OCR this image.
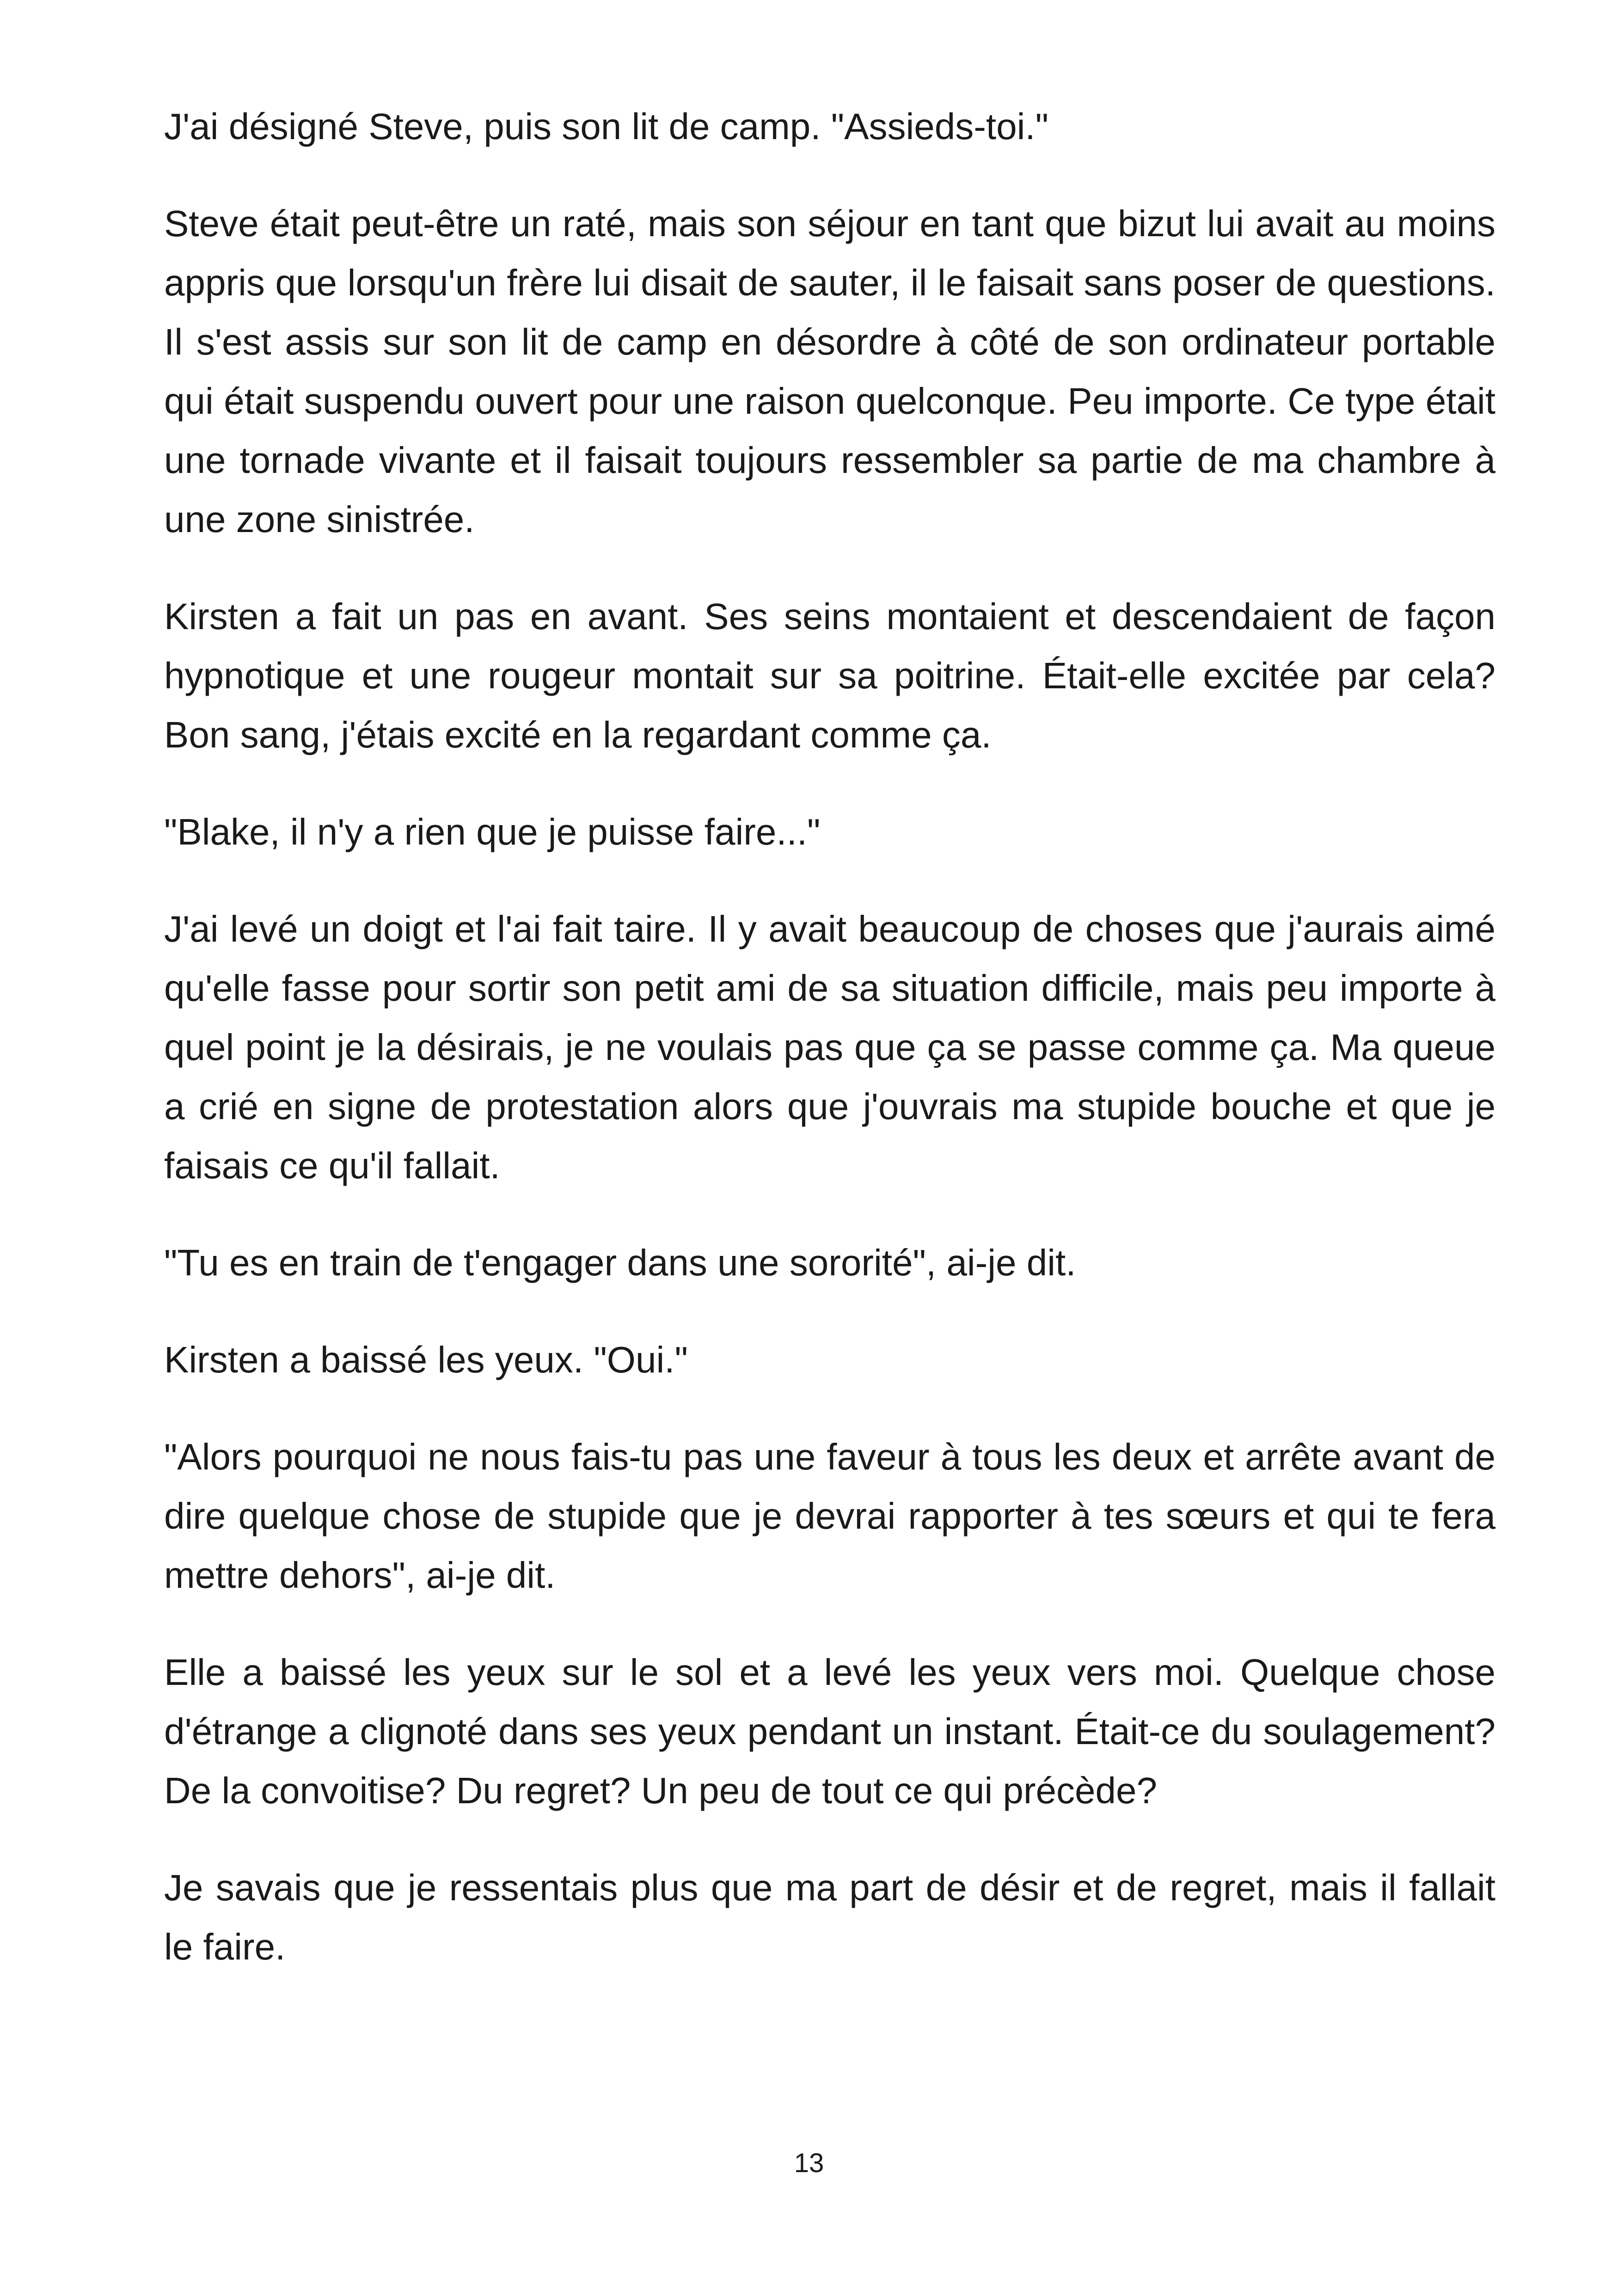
J'ai désigné Steve, puis son lit de camp. "Assieds-toi."

Steve était peut-être un raté, mais son séjour en tant que bizut lui avait au moins appris que lorsqu'un frère lui disait de sauter, il le faisait sans poser de questions. Il s'est assis sur son lit de camp en désordre à côté de son ordinateur portable qui était suspendu ouvert pour une raison quelconque. Peu importe. Ce type était une tornade vivante et il faisait toujours ressembler sa partie de ma chambre à une zone sinistrée.

Kirsten a fait un pas en avant. Ses seins montaient et descendaient de façon hypnotique et une rougeur montait sur sa poitrine. Était-elle excitée par cela? Bon sang, j'étais excité en la regardant comme ça.

"Blake, il n'y a rien que je puisse faire..."

J'ai levé un doigt et l'ai fait taire. Il y avait beaucoup de choses que j'aurais aimé qu'elle fasse pour sortir son petit ami de sa situation difficile, mais peu importe à quel point je la désirais, je ne voulais pas que ça se passe comme ça. Ma queue a crié en signe de protestation alors que j'ouvrais ma stupide bouche et que je faisais ce qu'il fallait.

"Tu es en train de t'engager dans une sororité", ai-je dit.

Kirsten a baissé les yeux. "Oui."

"Alors pourquoi ne nous fais-tu pas une faveur à tous les deux et arrête avant de dire quelque chose de stupide que je devrai rapporter à tes sœurs et qui te fera mettre dehors", ai-je dit.

Elle a baissé les yeux sur le sol et a levé les yeux vers moi. Quelque chose d'étrange a clignoté dans ses yeux pendant un instant. Était-ce du soulagement? De la convoitise? Du regret? Un peu de tout ce qui précède?

Je savais que je ressentais plus que ma part de désir et de regret, mais il fallait le faire.

13
